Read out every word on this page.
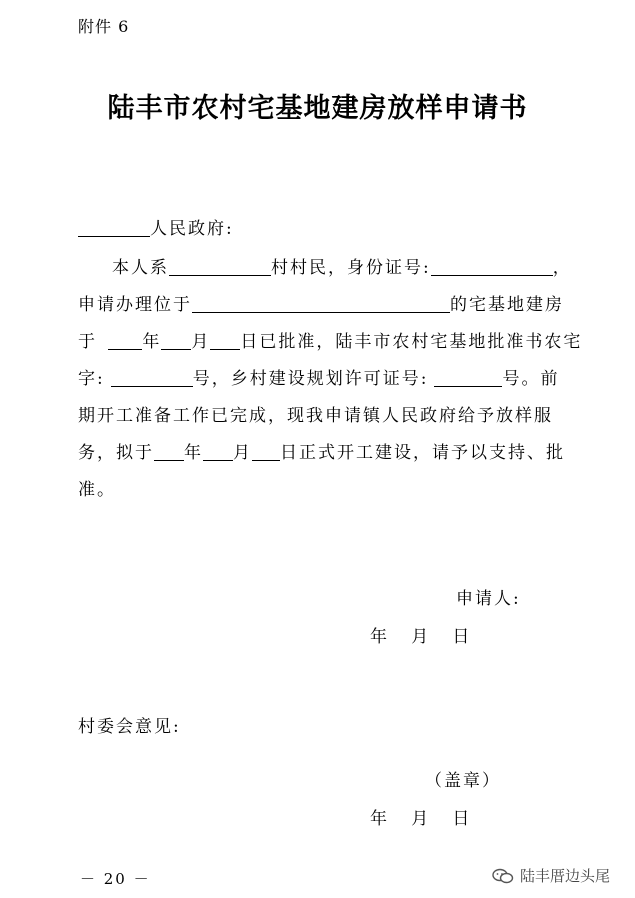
附件 6
陆丰市农村宅基地建房放样申请书
人民政府:
本人系	村村民，身份证号:	，
申请办理位于	的宅基地建房
于	年 月 日已批准，陆丰市农村宅基地批准书农宅
字:	号，乡村建设规划许可证号:	号。前
期开工准备工作已完成，现我申请镇人民政府给予放样服
务，拟于 年 月 日正式开工建设，请予以支持、批
准。
申请人:
年   月   日
村委会意见:
（盖章）
年   月   日
－ 20 －	陆丰厝边头尾
